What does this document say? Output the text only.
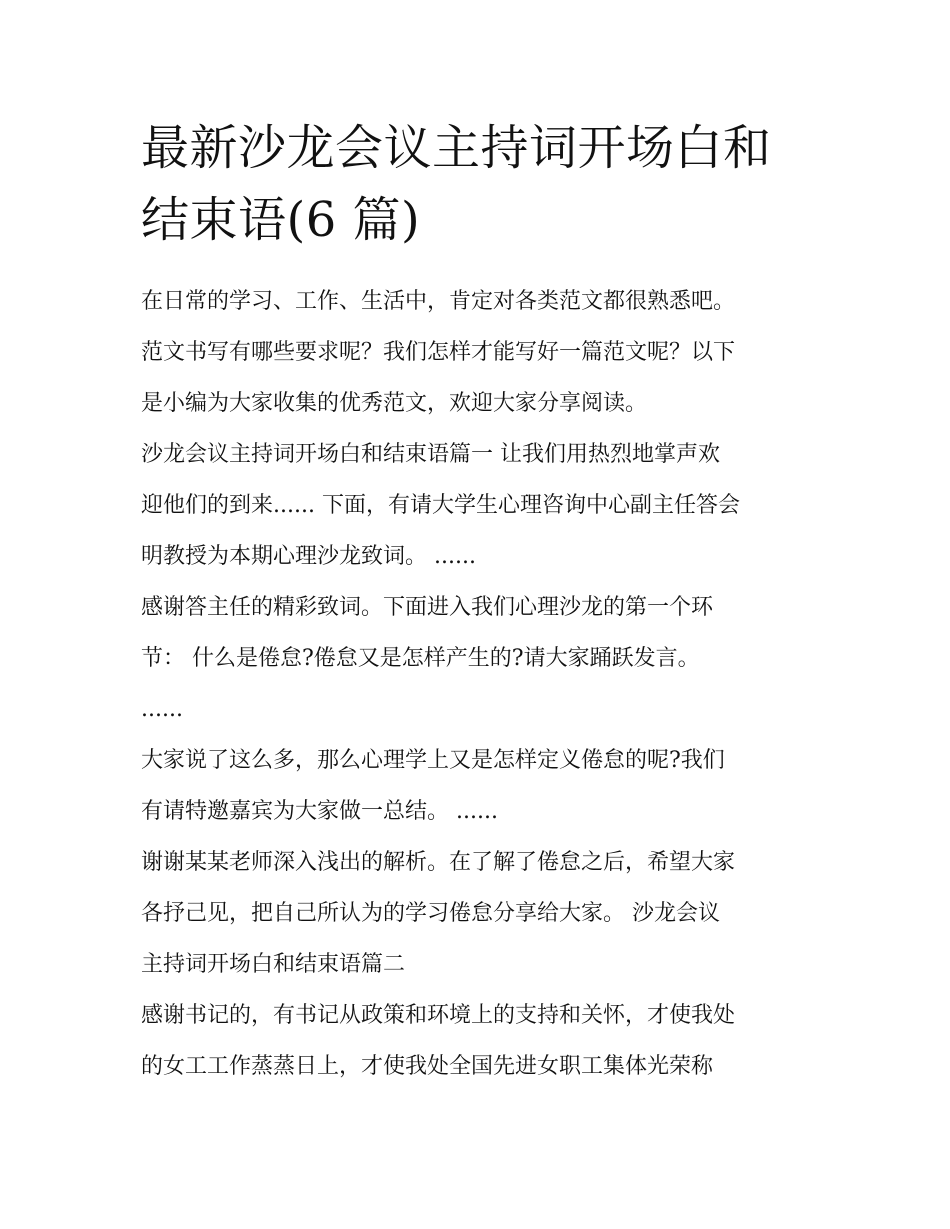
最新沙龙会议主持词开场白和
结束语(6 篇)
在日常的学习、工作、生活中，肯定对各类范文都很熟悉吧。
范文书写有哪些要求呢？我们怎样才能写好一篇范文呢？以下
是小编为大家收集的优秀范文，欢迎大家分享阅读。
沙龙会议主持词开场白和结束语篇一 让我们用热烈地掌声欢
迎他们的到来...... 下面，有请大学生心理咨询中心副主任答会
明教授为本期心理沙龙致词。 ......
感谢答主任的精彩致词。下面进入我们心理沙龙的第一个环
节： 什么是倦怠?倦怠又是怎样产生的?请大家踊跃发言。
......
大家说了这么多，那么心理学上又是怎样定义倦怠的呢?我们
有请特邀嘉宾为大家做一总结。 ......
谢谢某某老师深入浅出的解析。在了解了倦怠之后，希望大家
各抒己见，把自己所认为的学习倦怠分享给大家。 沙龙会议
主持词开场白和结束语篇二
感谢书记的，有书记从政策和环境上的支持和关怀，才使我处
的女工工作蒸蒸日上，才使我处全国先进女职工集体光荣称
